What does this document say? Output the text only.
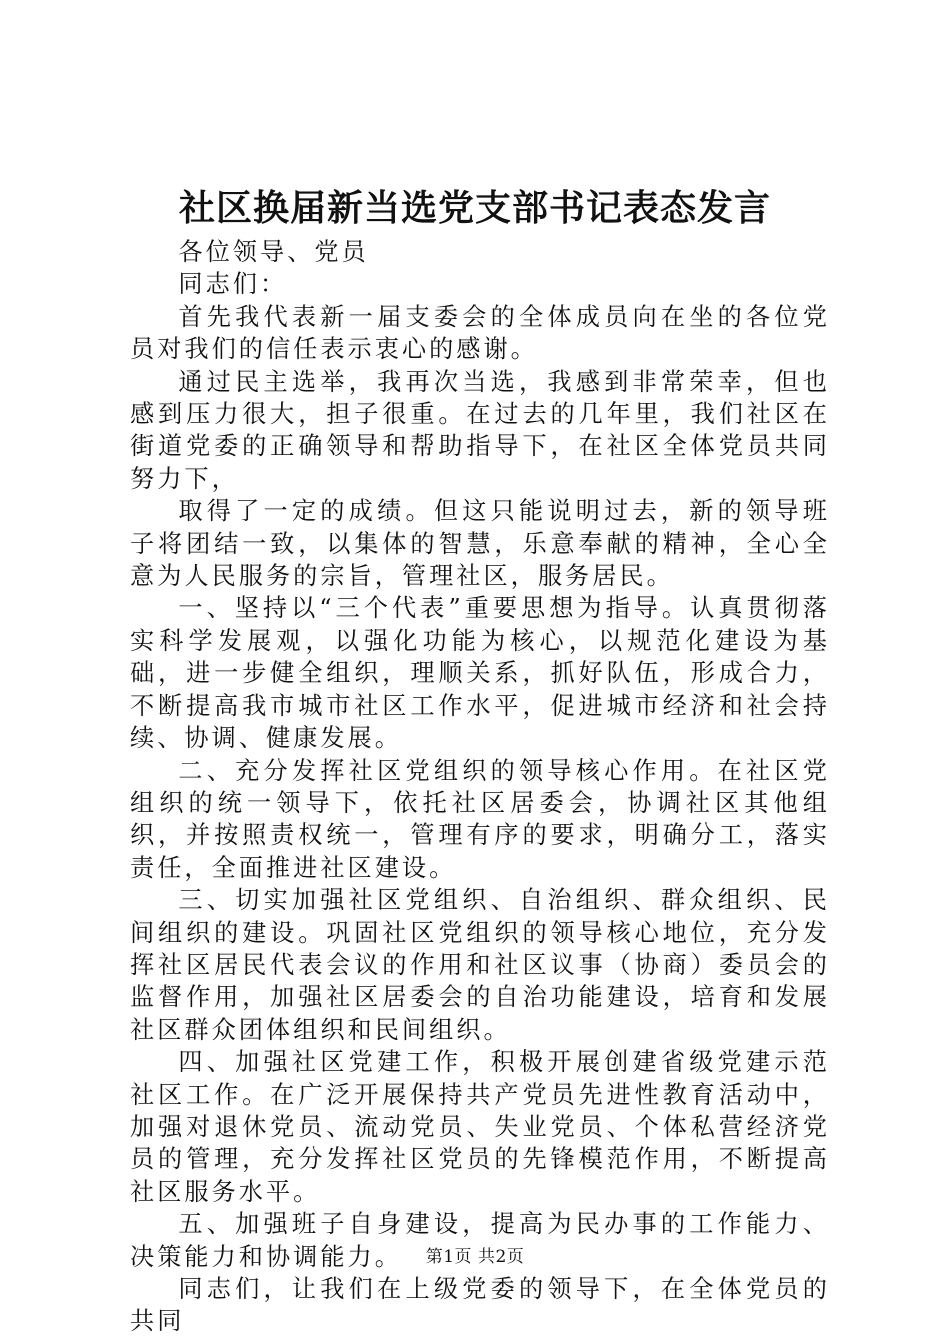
社区换届新当选党支部书记表态发言

各位领导、党员

同志们：

首先我代表新一届支委会的全体成员向在坐的各位党员对我们的信任表示衷心的感谢。

通过民主选举，我再次当选，我感到非常荣幸，但也感到压力很大，担子很重。在过去的几年里，我们社区在街道党委的正确领导和帮助指导下，在社区全体党员共同努力下，

取得了一定的成绩。但这只能说明过去，新的领导班子将团结一致，以集体的智慧，乐意奉献的精神，全心全意为人民服务的宗旨，管理社区，服务居民。

一、坚持以“三个代表”重要思想为指导。认真贯彻落实科学发展观，以强化功能为核心，以规范化建设为基础，进一步健全组织，理顺关系，抓好队伍，形成合力，不断提高我市城市社区工作水平，促进城市经济和社会持续、协调、健康发展。

二、充分发挥社区党组织的领导核心作用。在社区党组织的统一领导下，依托社区居委会，协调社区其他组织，并按照责权统一，管理有序的要求，明确分工，落实责任，全面推进社区建设。

三、切实加强社区党组织、自治组织、群众组织、民间组织的建设。巩固社区党组织的领导核心地位，充分发挥社区居民代表会议的作用和社区议事（协商）委员会的监督作用，加强社区居委会的自治功能建设，培育和发展社区群众团体组织和民间组织。

四、加强社区党建工作，积极开展创建省级党建示范社区工作。在广泛开展保持共产党员先进性教育活动中，加强对退休党员、流动党员、失业党员、个体私营经济党员的管理，充分发挥社区党员的先锋模范作用，不断提高社区服务水平。

五、加强班子自身建设，提高为民办事的工作能力、决策能力和协调能力。

同志们，让我们在上级党委的领导下，在全体党员的共同

第1页 共2页
